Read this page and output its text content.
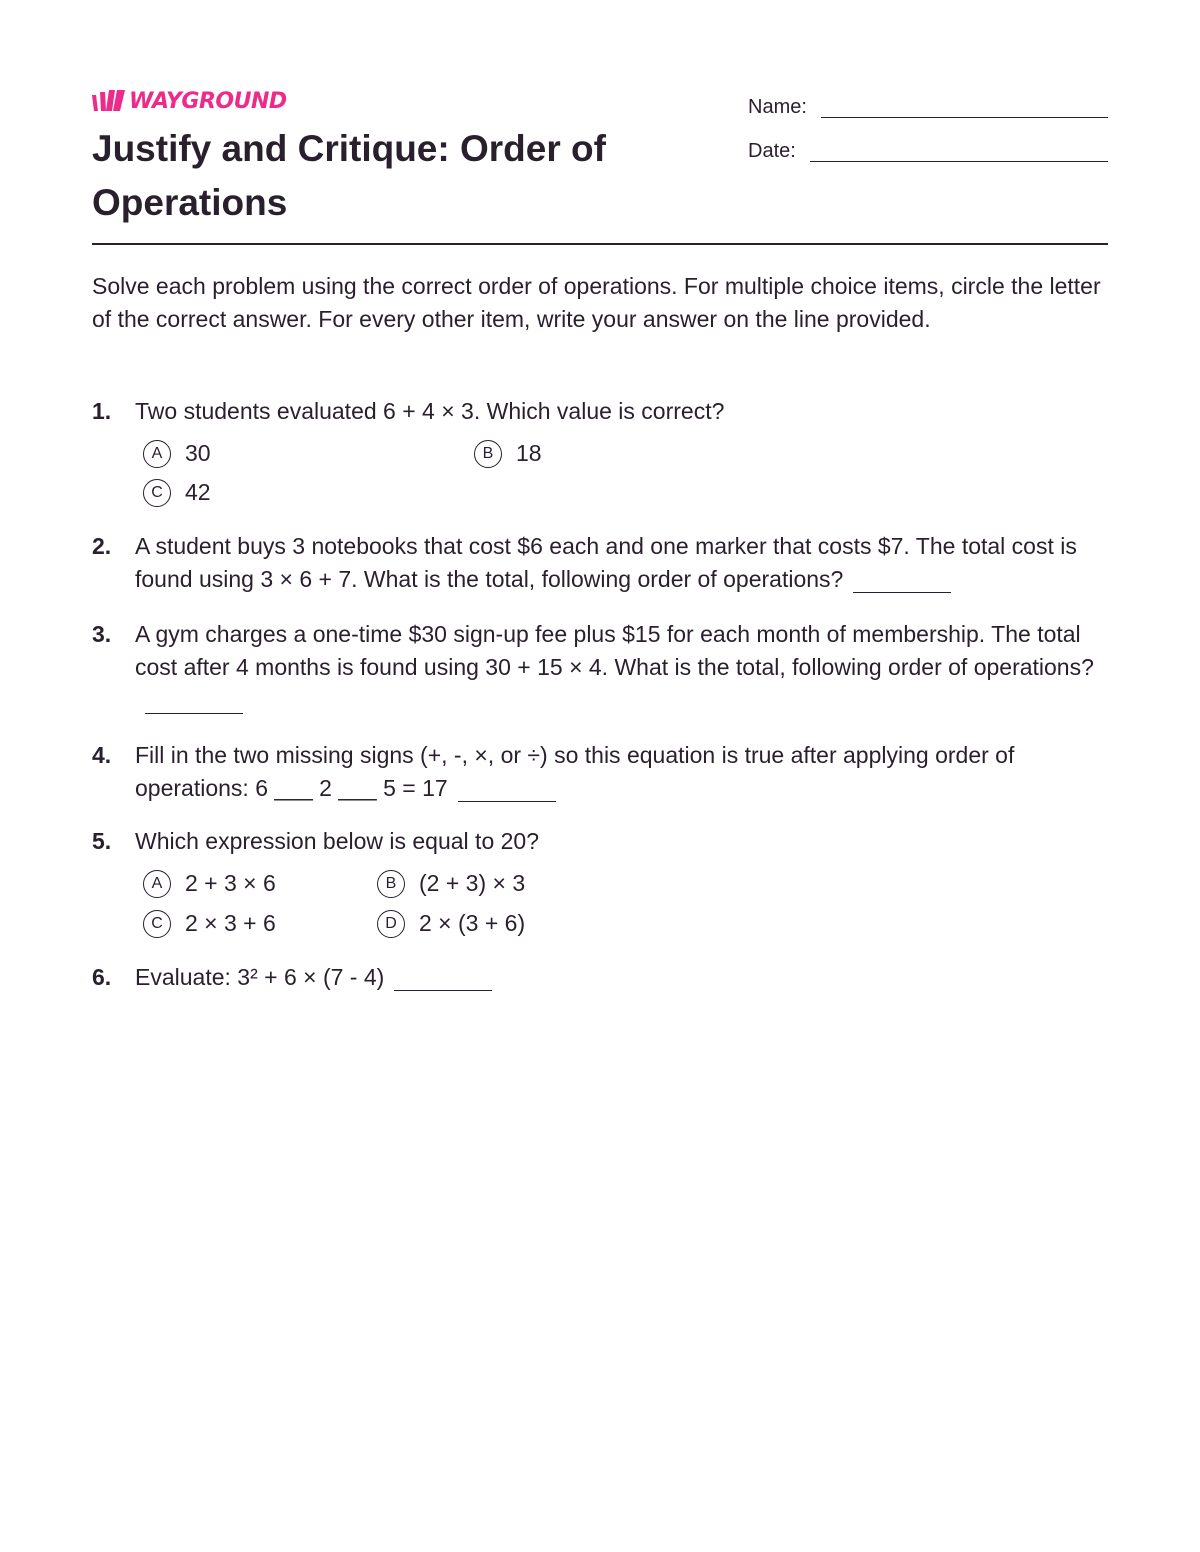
WAYGROUND
Justify and Critique: Order of Operations
Name:
Date:
Solve each problem using the correct order of operations. For multiple choice items, circle the letter of the correct answer. For every other item, write your answer on the line provided.
1. Two students evaluated 6 + 4 × 3. Which value is correct?
A 30	B 18
C 42
2. A student buys 3 notebooks that cost $6 each and one marker that costs $7. The total cost is found using 3 × 6 + 7. What is the total, following order of operations?
3. A gym charges a one-time $30 sign-up fee plus $15 for each month of membership. The total cost after 4 months is found using 30 + 15 × 4. What is the total, following order of operations?
4. Fill in the two missing signs (+, -, ×, or ÷) so this equation is true after applying order of operations: 6 ___ 2 ___ 5 = 17
5. Which expression below is equal to 20?
A 2 + 3 × 6	B (2 + 3) × 3
C 2 × 3 + 6	D 2 × (3 + 6)
6. Evaluate: 3² + 6 × (7 - 4)
